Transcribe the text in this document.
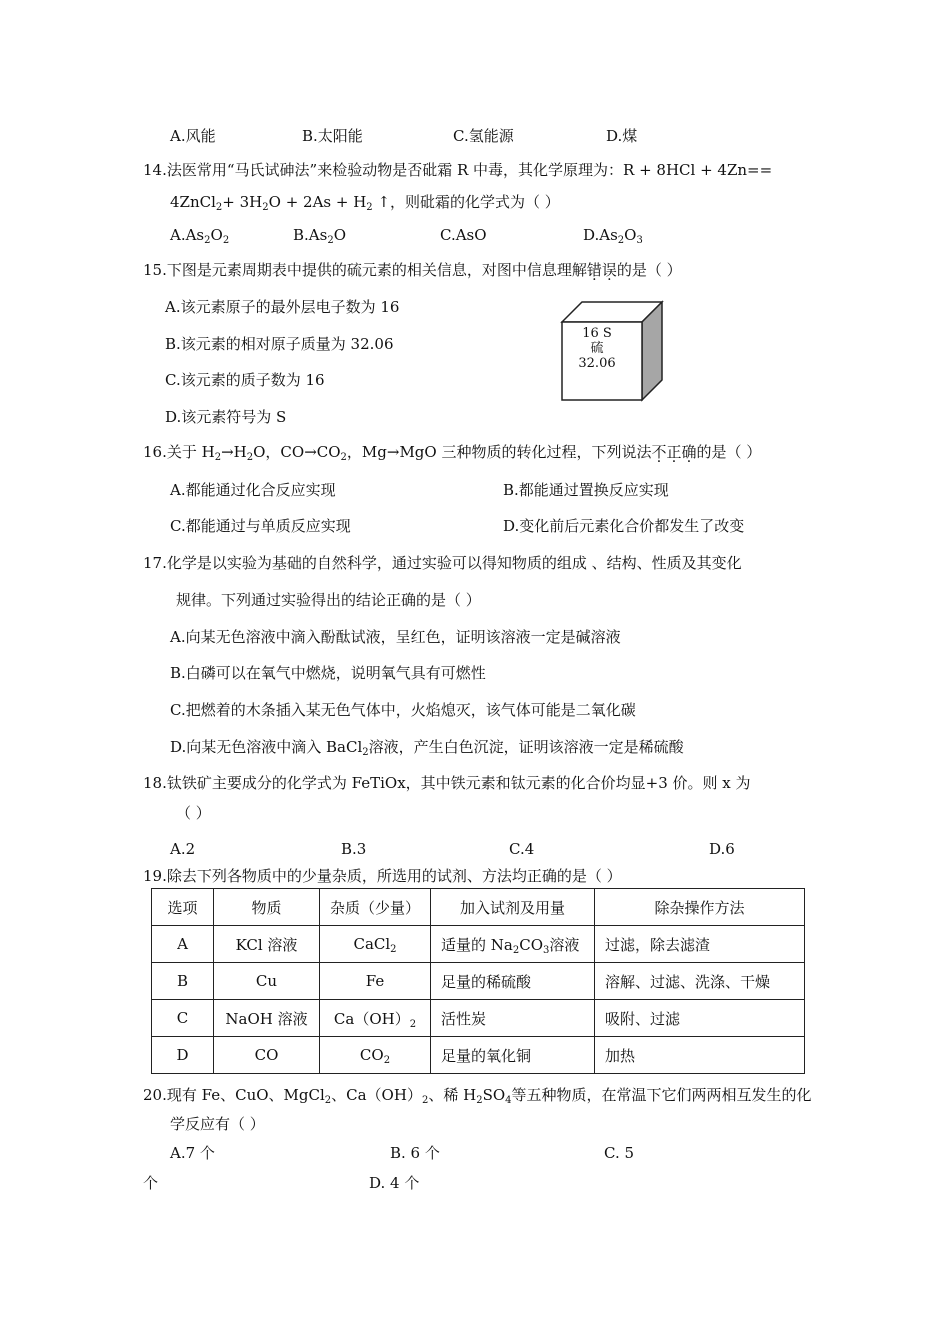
A.风能	B.太阳能	C.氢能源	D.煤
14.法医常用“马氏试砷法”来检验动物是否砒霜 R 中毒，其化学原理为：R + 8HCl + 4Zn==
4ZnCl$_2$+ $3H_2O + 2As + H_2$ ↑，则砒霜的化学式为（ ）
$A.As_2O_2$	$B.As_2O$	C.AsO	$D.As_2O_3$
15.下图是元素周期表中提供的硫元素的相关信息，对图中信息理解错误的是（ ）
A.该元素原子的最外层电子数为 16
B.该元素的相对原子质量为 32.06
C.该元素的质子数为 16
D.该元素符号为 S
16 S
硫
32.06
16.关于 $H_2\to H_2O$，$CO\to CO_2$，Mg→MgO 三种物质的转化过程，下列说法不正确的是（ ）
A.都能通过化合反应实现	B.都能通过置换反应实现
C.都能通过与单质反应实现	D.变化前后元素化合价都发生了改变
17.化学是以实验为基础的自然科学，通过实验可以得知物质的组成 、结构、性质及其变化
规律。下列通过实验得出的结论正确的是（ ）
A.向某无色溶液中滴入酚酞试液，呈红色，证明该溶液一定是碱溶液
B.白磷可以在氧气中燃烧，说明氧气具有可燃性
C.把燃着的木条插入某无色气体中，火焰熄灭，该气体可能是二氧化碳
D.向某无色溶液中滴入 BaCl$_2$溶液，产生白色沉淀，证明该溶液一定是稀硫酸
18.钛铁矿主要成分的化学式为 FeTiOx，其中铁元素和钛元素的化合价均显+3 价。则 x 为
（ ）
A.2	B.3	C.4	D.6
19.除去下列各物质中的少量杂质，所选用的试剂、方法均正确的是（ ）
选项	物质	杂质（少量）	加入试剂及用量	除杂操作方法
A	KCl 溶液	CaCl$_2$	适量的 $Na_2CO_3$溶液	过滤，除去滤渣
B	Cu	Fe	足量的稀硫酸	溶解、过滤、洗涤、干燥
C	NaOH 溶液	$Ca(OH)_2$	活性炭	吸附、过滤
D	CO	$CO_2$	足量的氧化铜	加热
20.现有 Fe、CuO、MgCl$_2$、$Ca(OH)_2$、稀 $H_2SO_4$等五种物质，在常温下它们两两相互发生的化
学反应有（ ）
A.7 个	B. 6 个	C. 5
个	D. 4 个
